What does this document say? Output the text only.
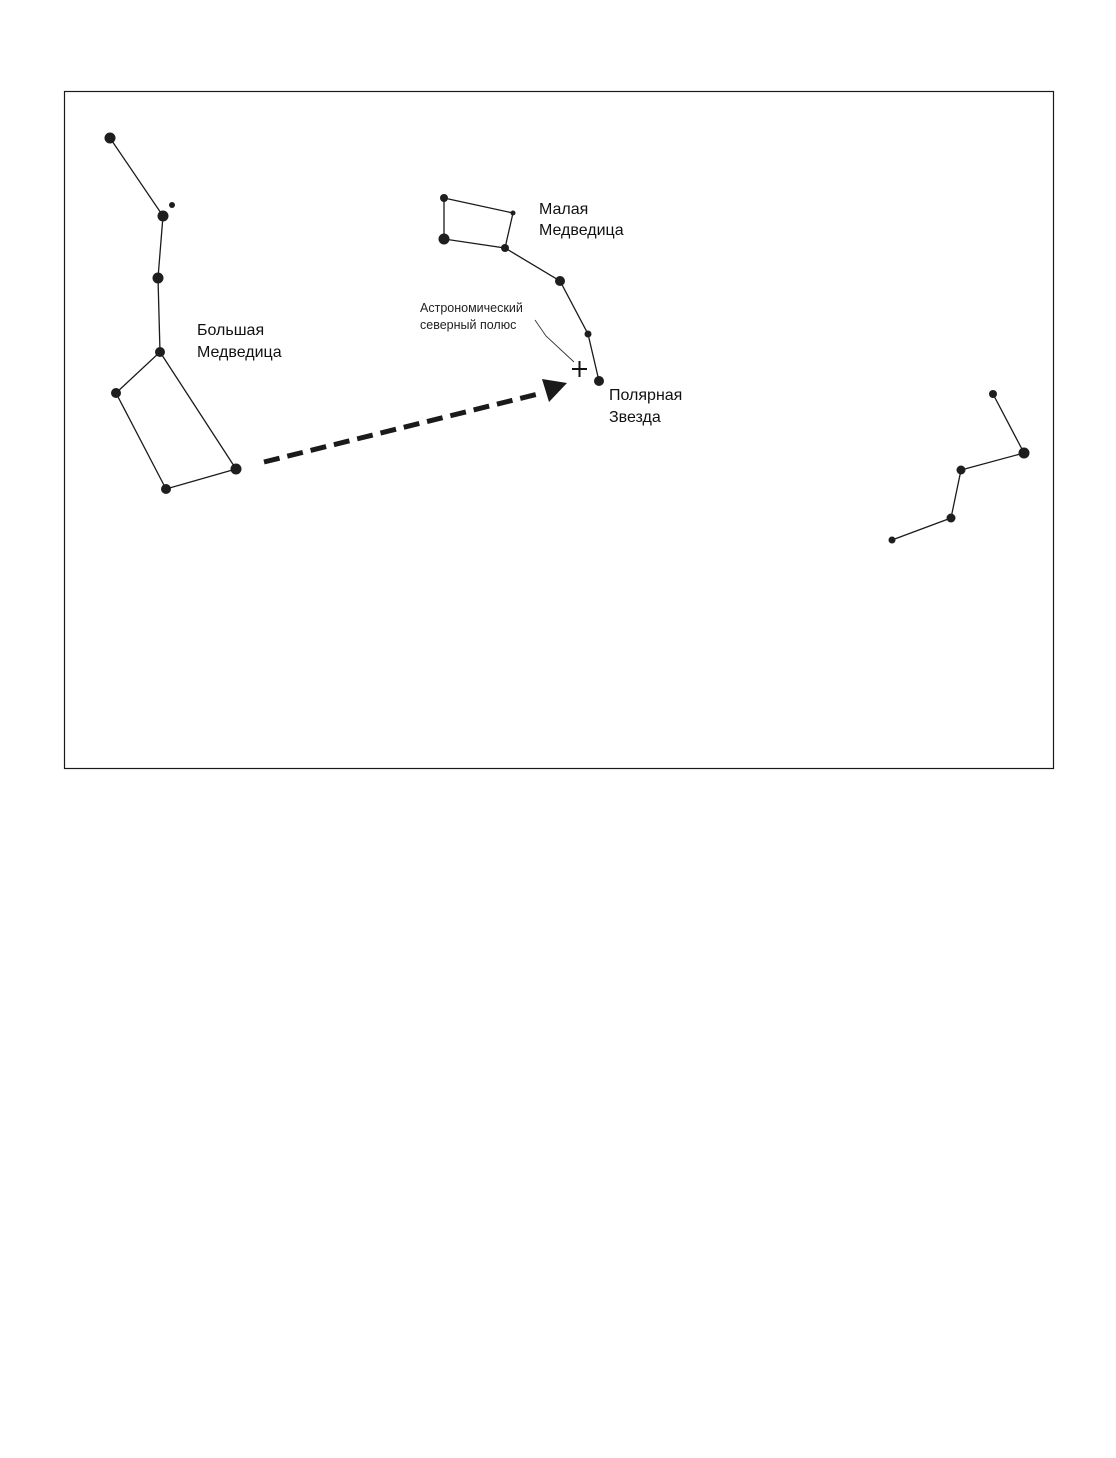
Большая Медведица
Малая Медведица
Полярная Звезда
Астрономический северный полюс
